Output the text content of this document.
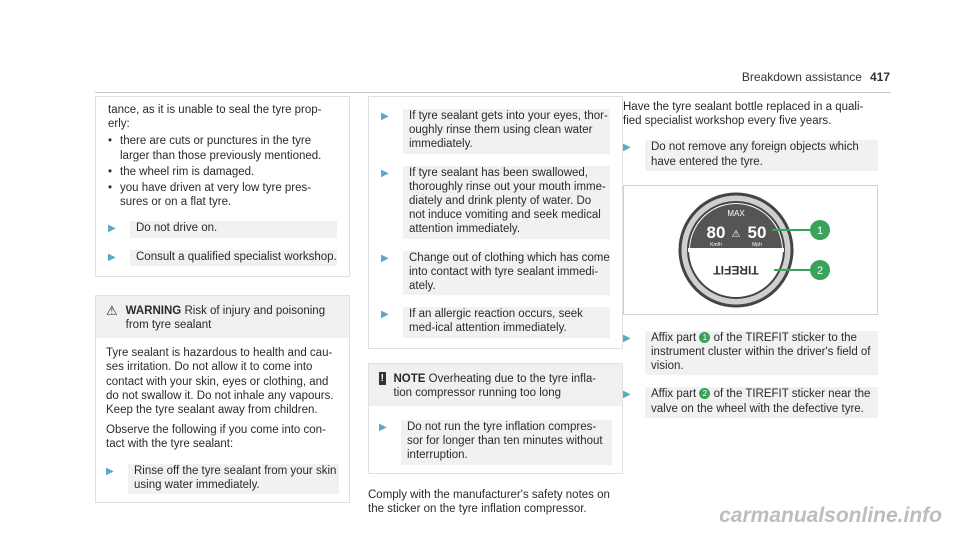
Breakdown assistance 417

tance, as it is unable to seal the tyre prop-erly:

• there are cuts or punctures in the tyre larger than those previously mentioned.
• the wheel rim is damaged.
• you have driven at very low tyre pres-sures or on a flat tyre.
▶	Do not drive on.
▶	Consult a qualified specialist workshop.
⚠ WARNING Risk of injury and poisoning from tyre sealant

Tyre sealant is hazardous to health and cau-ses irritation. Do not allow it to come into contact with your skin, eyes or clothing, and do not swallow it. Do not inhale any vapours. Keep the tyre sealant away from children.

Observe the following if you come into con-tact with the tyre sealant:

▶	Rinse off the tyre sealant from your skin using water immediately.
▶	If tyre sealant gets into your eyes, thor-oughly rinse them using clean water immediately.
▶	If tyre sealant has been swallowed, thoroughly rinse out your mouth imme-diately and drink plenty of water. Do not induce vomiting and seek medical attention immediately.
▶	Change out of clothing which has come into contact with tyre sealant immedi-ately.
▶	If an allergic reaction occurs, seek med-ical attention immediately.
! NOTE Overheating due to the tyre infla-tion compressor running too long
▶	Do not run the tyre inflation compres-sor for longer than ten minutes without interruption.
Comply with the manufacturer's safety notes on the sticker on the tyre inflation compressor.
Have the tyre sealant bottle replaced in a quali-fied specialist workshop every five years.
▶	Do not remove any foreign objects which have entered the tyre.
MAX
80 ⚠ 50
Km/h	Mph
TIREFIT
1
2
▶	Affix part 1 of the TIREFIT sticker to the instrument cluster within the driver's field of vision.
▶	Affix part 2 of the TIREFIT sticker near the valve on the wheel with the defective tyre.
carmanualsonline.info
